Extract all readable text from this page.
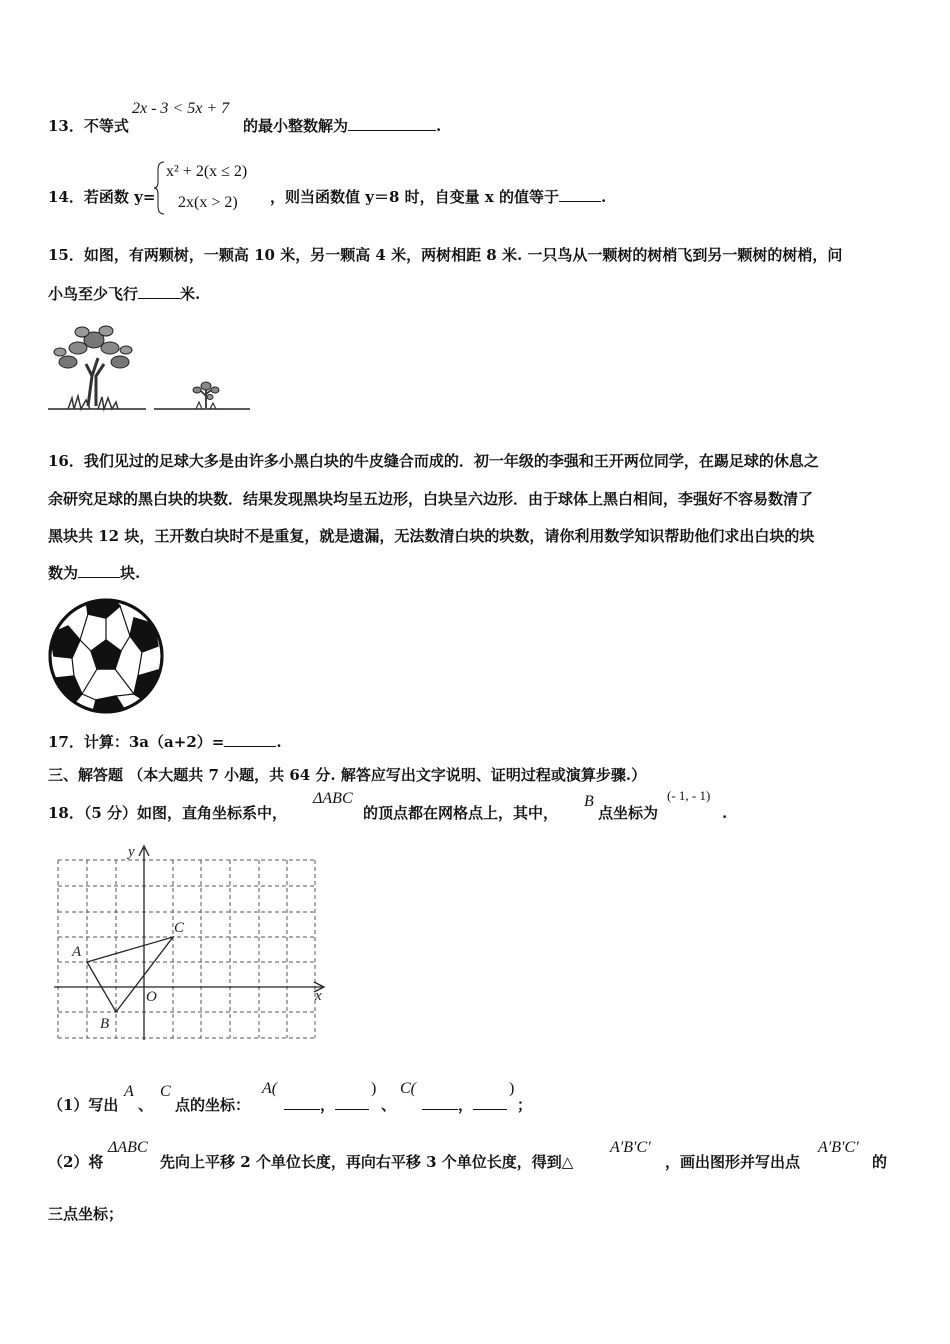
13．不等式
2x - 3 < 5x + 7
的最小整数解为	.
14．若函数 y=
x² + 2(x ≤ 2)
2x(x > 2) ，则当函数值 y＝8 时，自变量 x 的值等于	.
15．如图，有两颗树，一颗高 10 米，另一颗高 4 米，两树相距 8 米. 一只鸟从一颗树的树梢飞到另一颗树的树梢，问
小鸟至少飞行	米.
16．我们见过的足球大多是由许多小黑白块的牛皮缝合而成的．初一年级的李强和王开两位同学，在踢足球的休息之
余研究足球的黑白块的块数．结果发现黑块均呈五边形，白块呈六边形．由于球体上黑白相间，李强好不容易数清了
黑块共 12 块，王开数白块时不是重复，就是遗漏，无法数清白块的块数，请你利用数学知识帮助他们求出白块的块
数为	块.
17．计算：3a（a+2）=	.
三、解答题 （本大题共 7 小题，共 64 分. 解答应写出文字说明、证明过程或演算步骤.）
18．（5 分）如图，直角坐标系中，
ΔABC
的顶点都在网格点上，其中，
B
点坐标为
(- 1, - 1)
.
y
x
O
A
B
C
（1）写出
A
、
C
点的坐标：
A(
，
)
、
C(
，
)
；
（2）将
ΔABC
先向上平移 2 个单位长度，再向右平移 3 个单位长度，得到△
A′B′C′
，画出图形并写出点
A′B′C′
的
三点坐标；
